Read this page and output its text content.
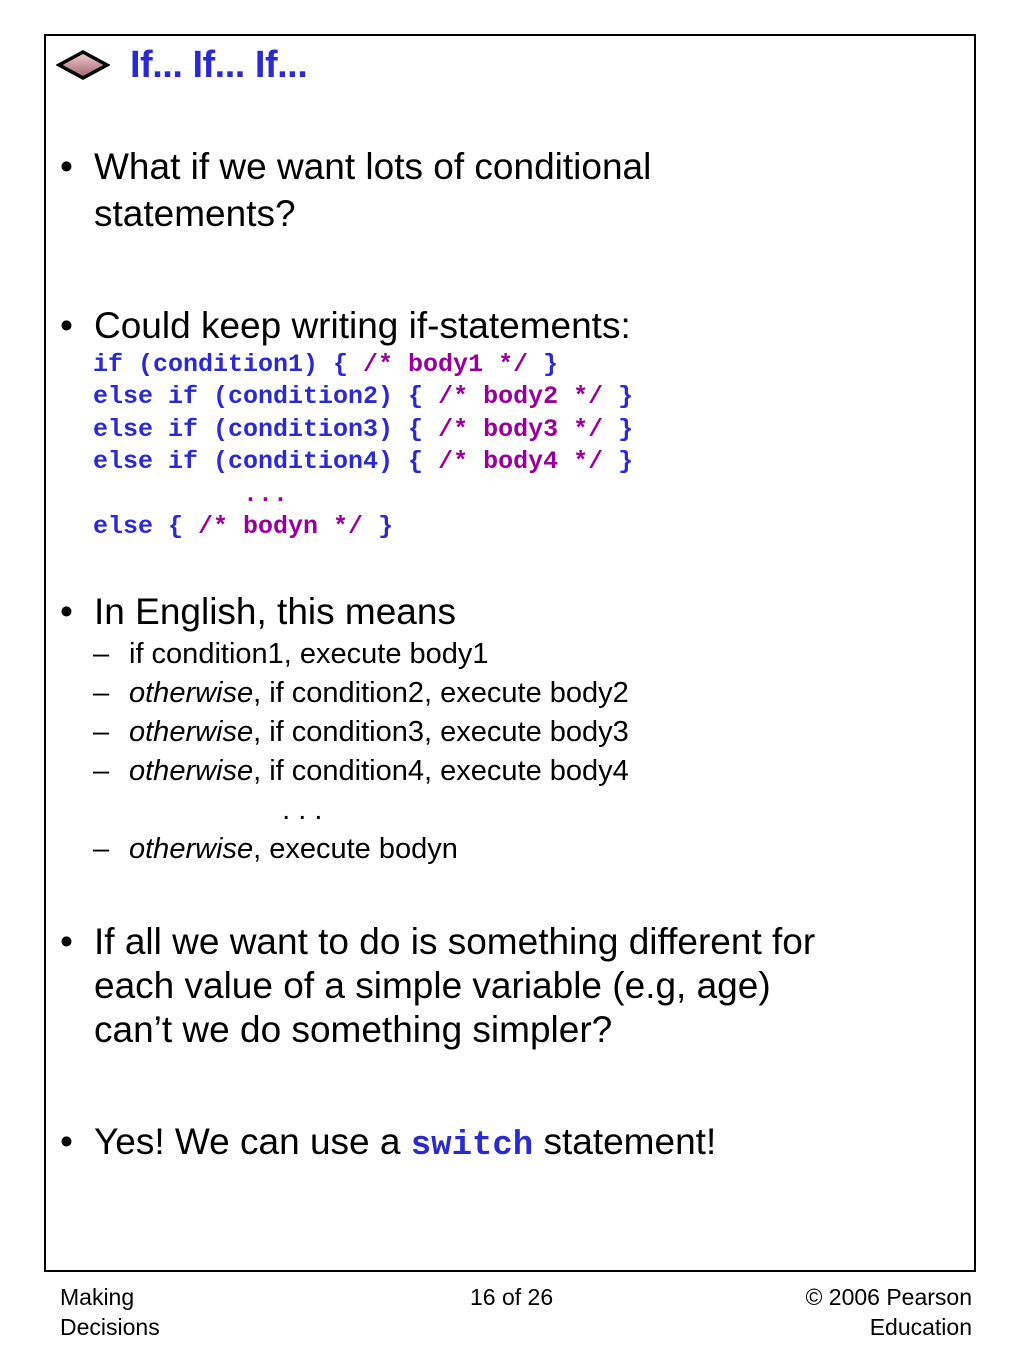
If... If... If...
• What if we want lots of conditional
statements?
• Could keep writing if-statements:
if (condition1) { /* body1 */ }
else if (condition2) { /* body2 */ }
else if (condition3) { /* body3 */ }
else if (condition4) { /* body4 */ }
...
else { /* bodyn */ }
• In English, this means
– if condition1, execute body1
– otherwise, if condition2, execute body2
– otherwise, if condition3, execute body3
– otherwise, if condition4, execute body4
. . .
– otherwise, execute bodyn
• If all we want to do is something different for
each value of a simple variable (e.g, age)
can’t we do something simpler?
• Yes! We can use a switch statement!
Making
Decisions
16 of 26	© 2006 Pearson
Education
